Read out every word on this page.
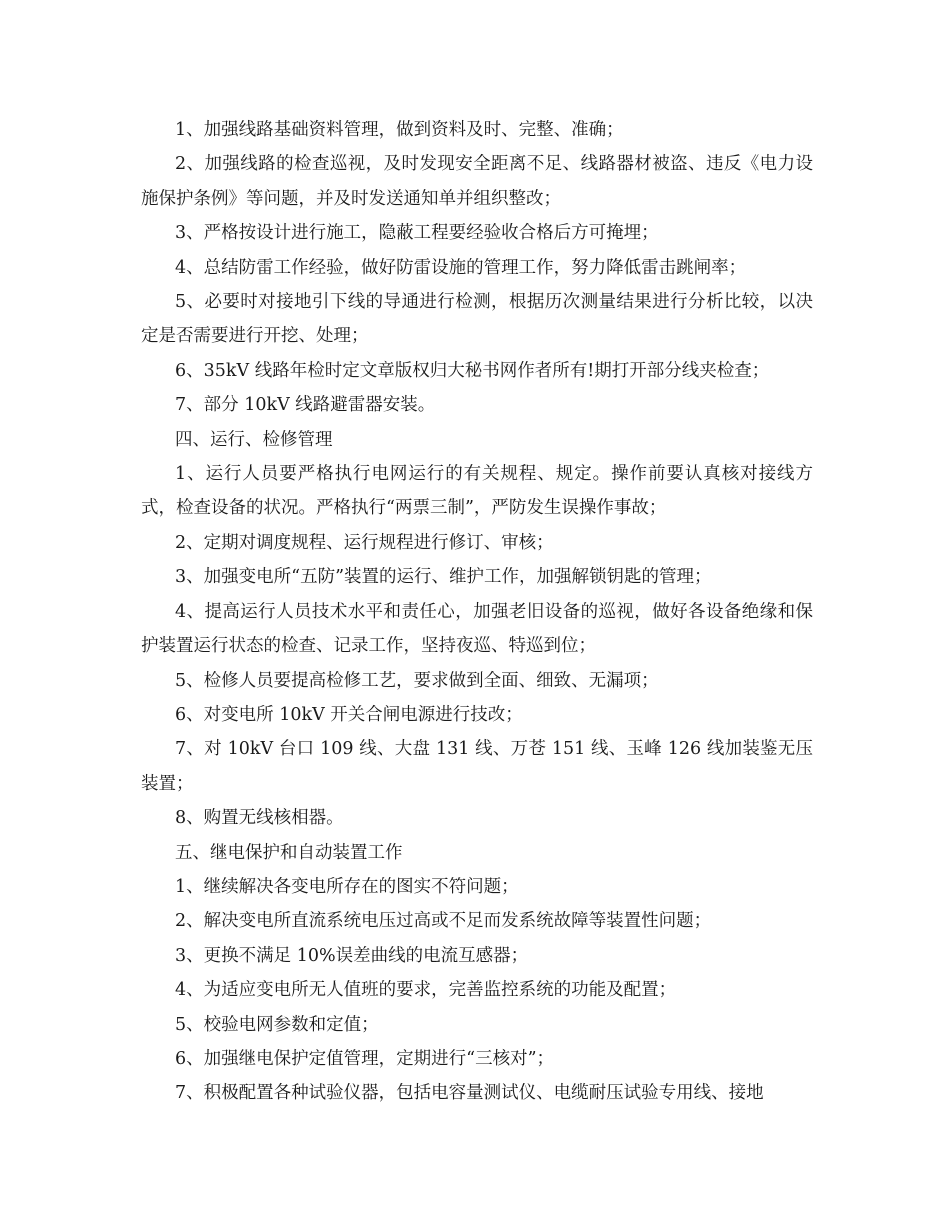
1、加强线路基础资料管理，做到资料及时、完整、准确；

2、加强线路的检查巡视，及时发现安全距离不足、线路器材被盗、违反《电力设施保护条例》等问题，并及时发送通知单并组织整改；

3、严格按设计进行施工，隐蔽工程要经验收合格后方可掩埋；

4、总结防雷工作经验，做好防雷设施的管理工作，努力降低雷击跳闸率；

5、必要时对接地引下线的导通进行检测，根据历次测量结果进行分析比较，以决定是否需要进行开挖、处理；

6、35kV 线路年检时定文章版权归大秘书网作者所有!期打开部分线夹检查；

7、部分 10kV 线路避雷器安装。

四、运行、检修管理

1、运行人员要严格执行电网运行的有关规程、规定。操作前要认真核对接线方式，检查设备的状况。严格执行“两票三制”，严防发生误操作事故；

2、定期对调度规程、运行规程进行修订、审核；

3、加强变电所“五防”装置的运行、维护工作，加强解锁钥匙的管理；

4、提高运行人员技术水平和责任心，加强老旧设备的巡视，做好各设备绝缘和保护装置运行状态的检查、记录工作，坚持夜巡、特巡到位；

5、检修人员要提高检修工艺，要求做到全面、细致、无漏项；

6、对变电所 10kV 开关合闸电源进行技改；

7、对 10kV 台口 109 线、大盘 131 线、万苍 151 线、玉峰 126 线加装鉴无压装置；

8、购置无线核相器。

五、继电保护和自动装置工作

1、继续解决各变电所存在的图实不符问题；

2、解决变电所直流系统电压过高或不足而发系统故障等装置性问题；

3、更换不满足 10%误差曲线的电流互感器；

4、为适应变电所无人值班的要求，完善监控系统的功能及配置；

5、校验电网参数和定值；

6、加强继电保护定值管理，定期进行“三核对”；

7、积极配置各种试验仪器，包括电容量测试仪、电缆耐压试验专用线、接地
